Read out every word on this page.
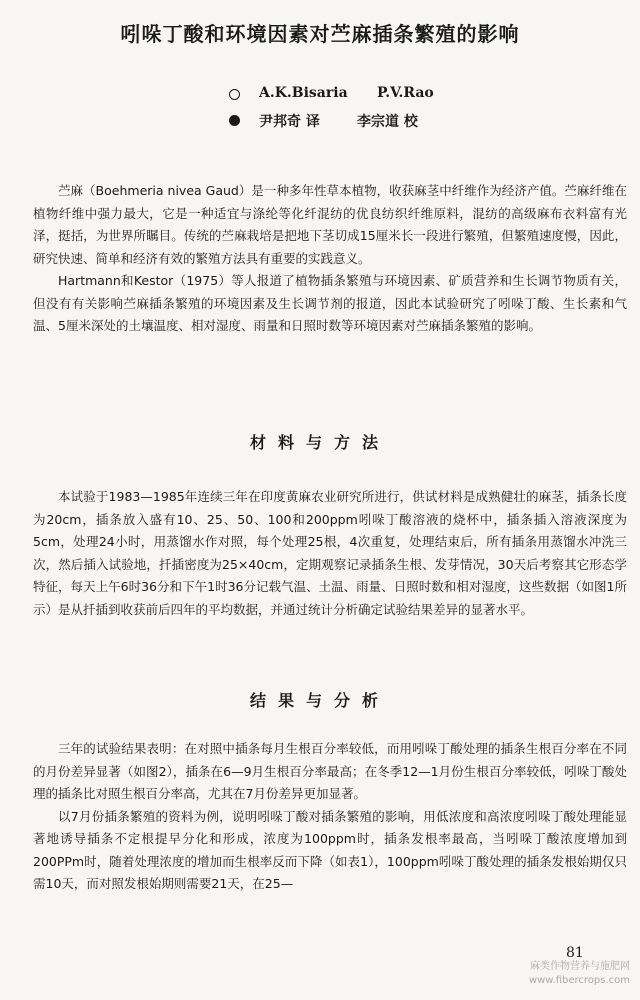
吲哚丁酸和环境因素对苎麻插条繁殖的影响
A.K.Bisaria P.V.Rao
尹邦奇 译	李宗道 校

苎麻（Boehmeria nivea Gaud）是一种多年性草本植物，收获麻茎中纤维作为经济产值。苎麻纤维在植物纤维中强力最大，它是一种适宜与涤纶等化纤混纺的优良纺织纤维原料，混纺的高级麻布衣料富有光泽，挺括，为世界所瞩目。传统的苎麻栽培是把地下茎切成15厘米长一段进行繁殖，但繁殖速度慢，因此，研究快速、简单和经济有效的繁殖方法具有重要的实践意义。

Hartmann和Kestor（1975）等人报道了植物插条繁殖与环境因素、矿质营养和生长调节物质有关，但没有有关影响苎麻插条繁殖的环境因素及生长调节剂的报道，因此本试验研究了吲哚丁酸、生长素和气温、5厘米深处的土壤温度、相对湿度、雨量和日照时数等环境因素对苎麻插条繁殖的影响。

材料与方法

本试验于1983—1985年连续三年在印度黄麻农业研究所进行，供试材料是成熟健壮的麻茎，插条长度为20cm，插条放入盛有10、25、50、100和200ppm吲哚丁酸溶液的烧杯中，插条插入溶液深度为5cm，处理24小时，用蒸馏水作对照，每个处理25根，4次重复，处理结束后，所有插条用蒸馏水冲洗三次，然后插入试验地，扦插密度为25×40cm，定期观察记录插条生根、发芽情况，30天后考察其它形态学特征，每天上午6时36分和下午1时36分记载气温、土温、雨量、日照时数和相对湿度，这些数据（如图1所示）是从扦插到收获前后四年的平均数据，并通过统计分析确定试验结果差异的显著水平。

结果与分析

三年的试验结果表明：在对照中插条每月生根百分率较低，而用吲哚丁酸处理的插条生根百分率在不同的月份差异显著（如图2），插条在6—9月生根百分率最高；在冬季12—1月份生根百分率较低，吲哚丁酸处理的插条比对照生根百分率高，尤其在7月份差异更加显著。

以7月份插条繁殖的资料为例，说明吲哚丁酸对插条繁殖的影响，用低浓度和高浓度吲哚丁酸处理能显著地诱导插条不定根提早分化和形成，浓度为100ppm时，插条发根率最高，当吲哚丁酸浓度增加到200PPm时，随着处理浓度的增加而生根率反而下降（如表1），100ppm吲哚丁酸处理的插条发根始期仅只需10天，而对照发根始期则需要21天，在25—

81
麻类作物营养与施肥网
www.fibercrops.com
